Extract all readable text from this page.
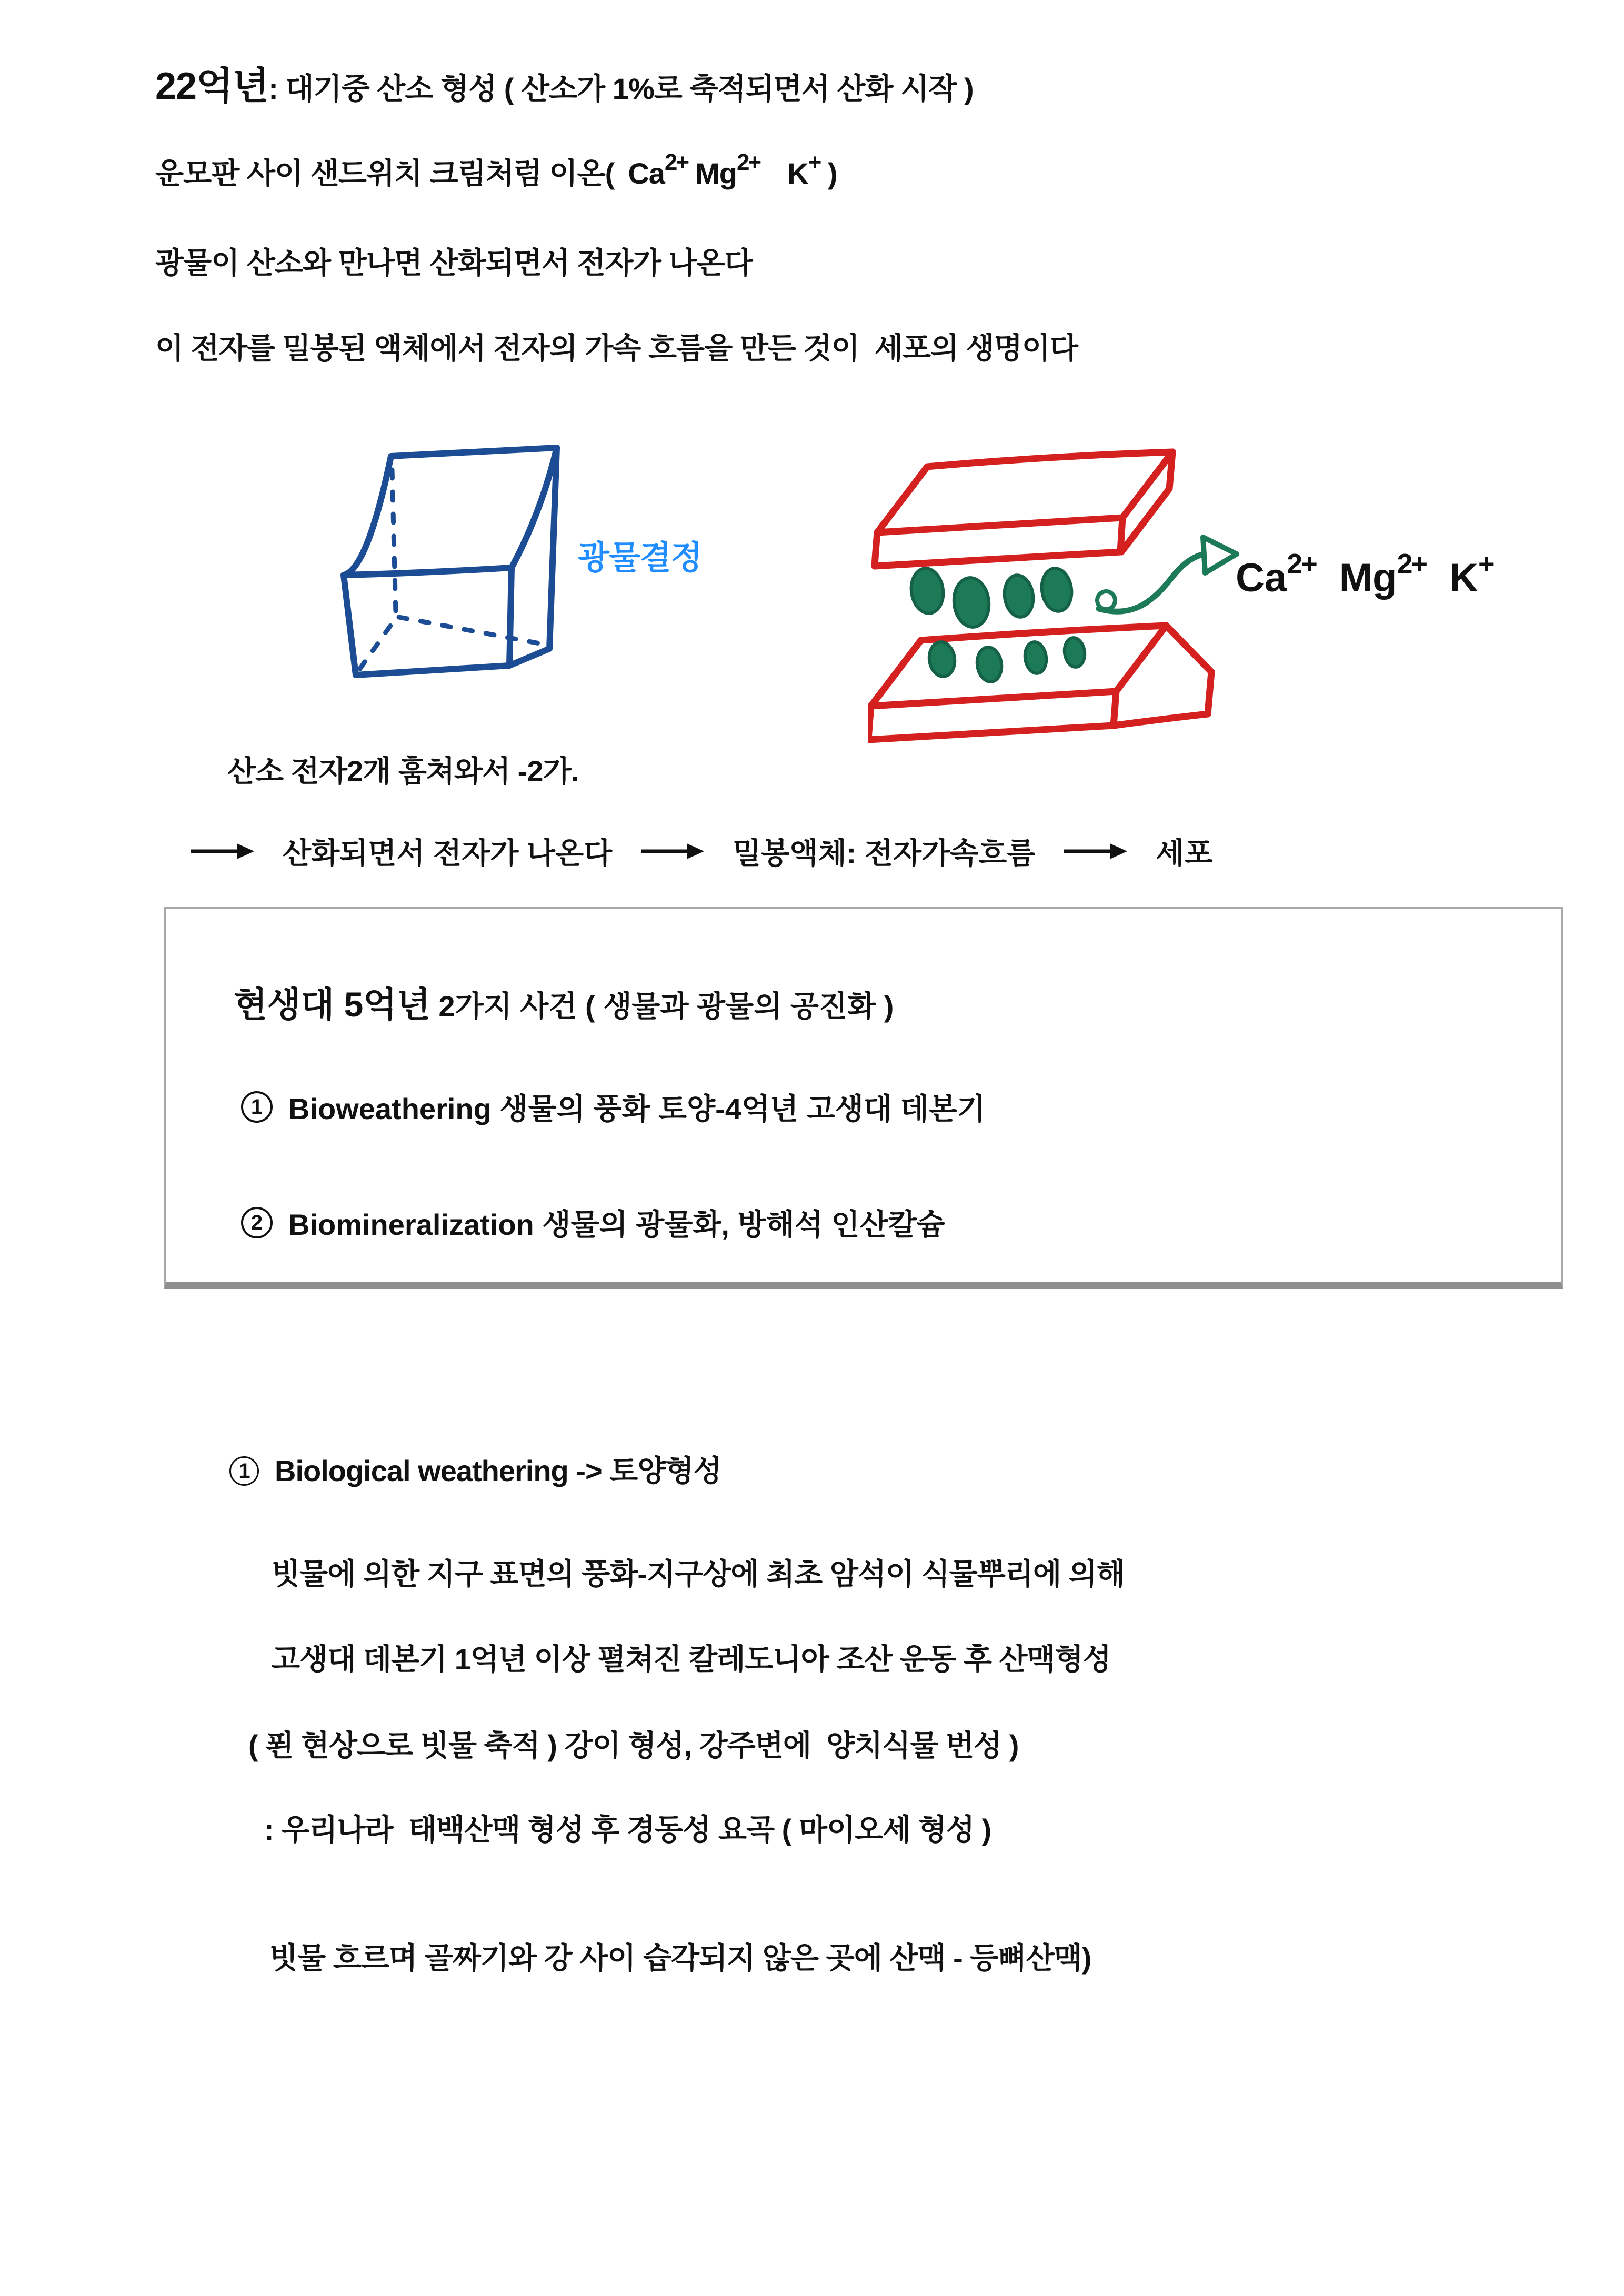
22억년: 대기중 산소 형성 ( 산소가 1%로 축적되면서 산화 시작 )
운모판 사이 샌드위치 크림처럼 이온( $Ca^{2+}$ $Mg^{2+}$ K+ )
광물이 산소와 만나면 산화되면서 전자가 나온다
이 전자를 밀봉된 액체에서 전자의 가속 흐름을 만든 것이  세포의 생명이다
광물결정	$Ca^{2+}$ $Mg^{2+}$ K+
산소 전자2개 훔쳐와서 -2가.
산화되면서 전자가 나온다	밀봉액체: 전자가속흐름	세포
현생대 5억년 2가지 사건 ( 생물과 광물의 공진화 )
1 Bioweathering 생물의 풍화 토양-4억년 고생대 데본기
2 Biomineralization 생물의 광물화, 방해석 인산칼슘
1 Biological weathering -> 토양형성
빗물에 의한 지구 표면의 풍화-지구상에 최초 암석이 식물뿌리에 의해
고생대 데본기 1억년 이상 펼쳐진 칼레도니아 조산 운동 후 산맥형성
( 푄 현상으로 빗물 축적 ) 강이 형성, 강주변에  양치식물 번성 )
: 우리나라  태백산맥 형성 후 경동성 요곡 ( 마이오세 형성 )
빗물 흐르며 골짜기와 강 사이 습각되지 않은 곳에 산맥 - 등뼈산맥)
